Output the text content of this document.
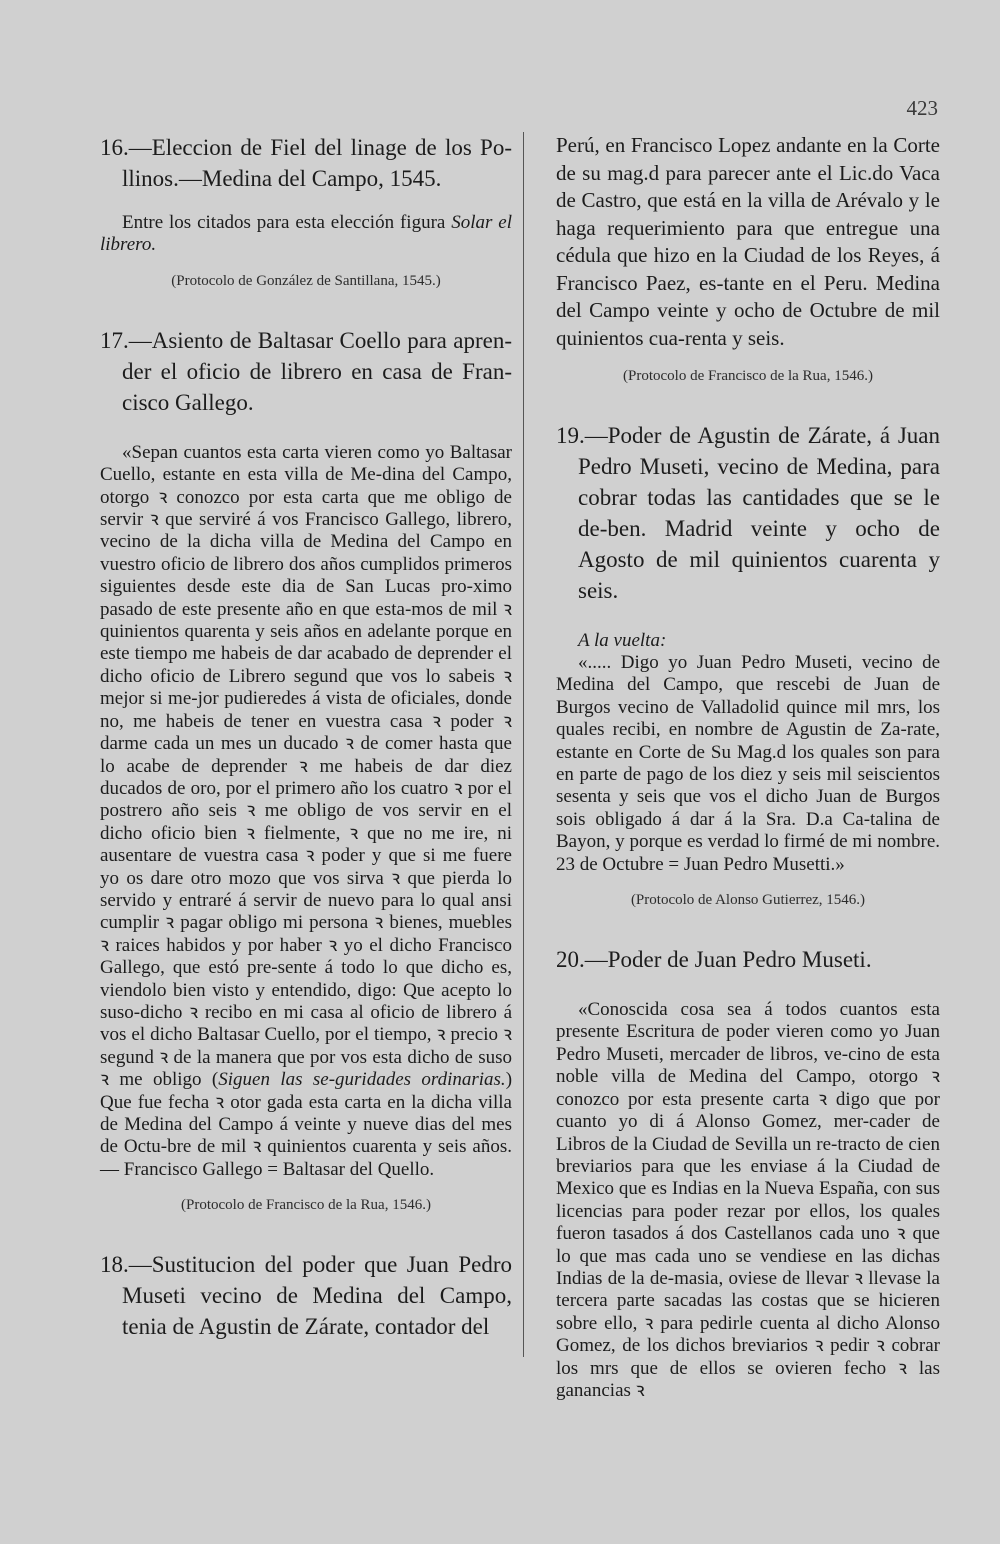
423

16.—Eleccion de Fiel del linage de los Po-llinos.—Medina del Campo, 1545.

Entre los citados para esta elección figura Solar el librero.

(Protocolo de González de Santillana, 1545.)

17.—Asiento de Baltasar Coello para apren-der el oficio de librero en casa de Fran-cisco Gallego.

«Sepan cuantos esta carta vieren como yo Baltasar Cuello, estante en esta villa de Me-dina del Campo, otorgo ꝛ conozco por esta carta que me obligo de servir ꝛ que serviré á vos Francisco Gallego, librero, vecino de la dicha villa de Medina del Campo en vuestro oficio de librero dos años cumplidos primeros siguientes desde este dia de San Lucas pro-ximo pasado de este presente año en que esta-mos de mil ꝛ quinientos quarenta y seis años en adelante porque en este tiempo me habeis de dar acabado de deprender el dicho oficio de Librero segund que vos lo sabeis ꝛ mejor si me-jor pudieredes á vista de oficiales, donde no, me habeis de tener en vuestra casa ꝛ poder ꝛ darme cada un mes un ducado ꝛ de comer hasta que lo acabe de deprender ꝛ me habeis de dar diez ducados de oro, por el primero año los cuatro ꝛ por el postrero año seis ꝛ me obligo de vos servir en el dicho oficio bien ꝛ fielmente, ꝛ que no me ire, ni ausentare de vuestra casa ꝛ poder y que si me fuere yo os dare otro mozo que vos sirva ꝛ que pierda lo servido y entraré á servir de nuevo para lo qual ansi cumplir ꝛ pagar obligo mi persona ꝛ bienes, muebles ꝛ raices habidos y por haber ꝛ yo el dicho Francisco Gallego, que estó pre-sente á todo lo que dicho es, viendolo bien visto y entendido, digo: Que acepto lo suso-dicho ꝛ recibo en mi casa al oficio de librero á vos el dicho Baltasar Cuello, por el tiempo, ꝛ precio ꝛ segund ꝛ de la manera que por vos esta dicho de suso ꝛ me obligo (Siguen las se-guridades ordinarias.) Que fue fecha ꝛ otor gada esta carta en la dicha villa de Medina del Campo á veinte y nueve dias del mes de Octu-bre de mil ꝛ quinientos cuarenta y seis años.— Francisco Gallego = Baltasar del Quello.

(Protocolo de Francisco de la Rua, 1546.)

18.—Sustitucion del poder que Juan Pedro Museti vecino de Medina del Campo, tenia de Agustin de Zárate, contador del

Perú, en Francisco Lopez andante en la Corte de su mag.d para parecer ante el Lic.do Vaca de Castro, que está en la villa de Arévalo y le haga requerimiento para que entregue una cédula que hizo en la Ciudad de los Reyes, á Francisco Paez, es-tante en el Peru. Medina del Campo veinte y ocho de Octubre de mil quinientos cua-renta y seis.

(Protocolo de Francisco de la Rua, 1546.)

19.—Poder de Agustin de Zárate, á Juan Pedro Museti, vecino de Medina, para cobrar todas las cantidades que se le de-ben. Madrid veinte y ocho de Agosto de mil quinientos cuarenta y seis.

A la vuelta:

«..... Digo yo Juan Pedro Museti, vecino de Medina del Campo, que rescebi de Juan de Burgos vecino de Valladolid quince mil mrs, los quales recibi, en nombre de Agustin de Za-rate, estante en Corte de Su Mag.d los quales son para en parte de pago de los diez y seis mil seiscientos sesenta y seis que vos el dicho Juan de Burgos sois obligado á dar á la Sra. D.a Ca-talina de Bayon, y porque es verdad lo firmé de mi nombre. 23 de Octubre = Juan Pedro Musetti.»

(Protocolo de Alonso Gutierrez, 1546.)

20.—Poder de Juan Pedro Museti.

«Conoscida cosa sea á todos cuantos esta presente Escritura de poder vieren como yo Juan Pedro Museti, mercader de libros, ve-cino de esta noble villa de Medina del Campo, otorgo ꝛ conozco por esta presente carta ꝛ digo que por cuanto yo di á Alonso Gomez, mer-cader de Libros de la Ciudad de Sevilla un re-tracto de cien breviarios para que les enviase á la Ciudad de Mexico que es Indias en la Nueva España, con sus licencias para poder rezar por ellos, los quales fueron tasados á dos Castellanos cada uno ꝛ que lo que mas cada uno se vendiese en las dichas Indias de la de-masia, oviese de llevar ꝛ llevase la tercera parte sacadas las costas que se hicieren sobre ello, ꝛ para pedirle cuenta al dicho Alonso Gomez, de los dichos breviarios ꝛ pedir ꝛ cobrar los mrs que de ellos se ovieren fecho ꝛ las ganancias ꝛ
